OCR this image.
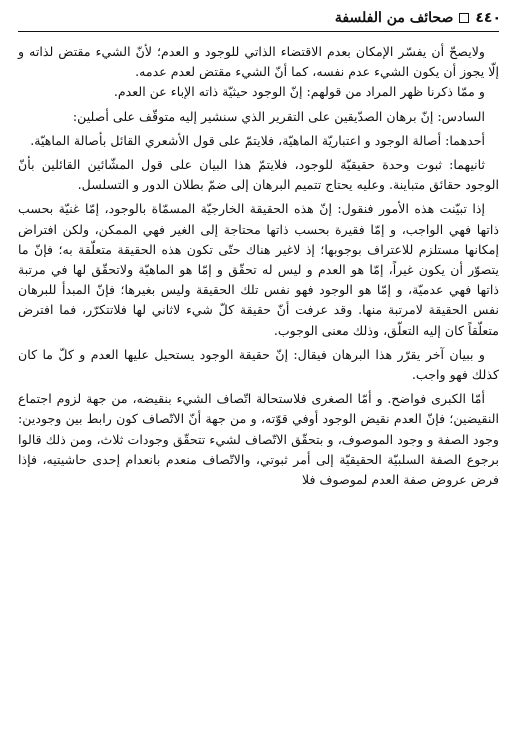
٤٤٠
صحائف من الفلسفة

ولايصحّ أن يفسّر الإمكان بعدم الاقتضاء الذاتي للوجود و العدم؛ لأنّ الشيء مقتض لذاته و إلّا يجوز أن يكون الشيء عدم نفسه، كما أنّ الشيء مقتض لعدم عدمه.

و ممّا ذكرنا ظهر المراد من قولهم: إنّ الوجود حيثيّة ذاته الإباء عن العدم.

السادس: إنّ برهان الصدّيقين على التقرير الذي سنشير إليه متوقّف على أصلين:

أحدهما: أصالة الوجود و اعتباريّة الماهيّة، فلايتمّ على قول الأشعري القائل بأصالة الماهيّة.

ثانيهما: ثبوت وحدة حقيقيّة للوجود، فلايتمّ هذا البيان على قول المشّائين القائلين بأنّ الوجود حقائق متباينة. وعليه يحتاج تتميم البرهان إلى ضمّ بطلان الدور و التسلسل.

إذا تبيّنت هذه الأمور فنقول: إنّ هذه الحقيقة الخارجيّة المسمّاة بالوجود، إمّا غنيّة بحسب ذاتها فهي الواجب، و إمّا فقيرة بحسب ذاتها محتاجة إلى الغير فهي الممكن، ولكن افتراض إمكانها مستلزم للاعتراف بوجوبها؛ إذ لاغير هناك حتّى تكون هذه الحقيقة متعلّقة به؛ فإنّ ما يتصوّر أن يكون غيراً، إمّا هو العدم و ليس له تحقّق و إمّا هو الماهيّة ولاتحقّق لها في مرتبة ذاتها فهي عدميّة، و إمّا هو الوجود فهو نفس تلك الحقيقة وليس بغيرها؛ فإنّ المبدأ للبرهان نفس الحقيقة لامرتبة منها. وقد عرفت أنّ حقيقة كلّ شيء لاثاني لها فلاتتكرّر، فما افترض متعلّقاً كان إليه التعلّق، وذلك معنى الوجوب.

و ببيان آخر يقرّر هذا البرهان فيقال: إنّ حقيقة الوجود يستحيل عليها العدم و كلّ ما كان كذلك فهو واجب.

أمّا الكبرى فواضح. و أمّا الصغرى فلاستحالة اتّصاف الشيء بنقيضه، من جهة لزوم اجتماع النقيضين؛ فإنّ العدم نقيض الوجود أوفي قوّته، و من جهة أنّ الاتّصاف كون رابط بين وجودين: وجود الصفة و وجود الموصوف، و بتحقّق الاتّصاف لشيء تتحقّق وجودات ثلاث، ومن ذلك قالوا برجوع الصفة السلبيّة الحقيقيّة إلى أمر ثبوتي، والاتّصاف منعدم بانعدام إحدى حاشيتيه، فإذا فرض عروض صفة العدم لموصوف فلا
